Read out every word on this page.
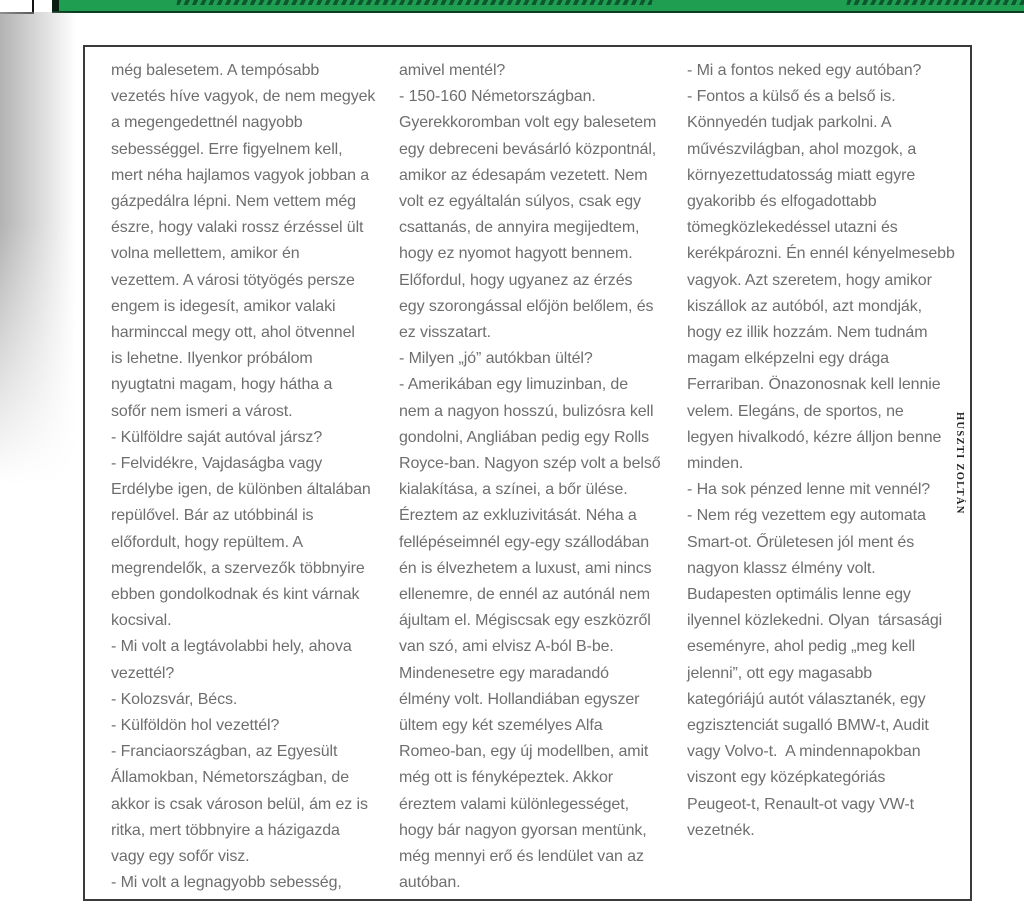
még balesetem. A tempósabb
vezetés híve vagyok, de nem megyek
a megengedettnél nagyobb
sebességgel. Erre figyelnem kell,
mert néha hajlamos vagyok jobban a
gázpedálra lépni. Nem vettem még
észre, hogy valaki rossz érzéssel ült
volna mellettem, amikor én
vezettem. A városi tötyögés persze
engem is idegesít, amikor valaki
harminccal megy ott, ahol ötvennel
is lehetne. Ilyenkor próbálom
nyugtatni magam, hogy hátha a
sofőr nem ismeri a várost.
- Külföldre saját autóval jársz?
- Felvidékre, Vajdaságba vagy
Erdélybe igen, de különben általában
repülővel. Bár az utóbbinál is
előfordult, hogy repültem. A
megrendelők, a szervezők többnyire
ebben gondolkodnak és kint várnak
kocsival.
- Mi volt a legtávolabbi hely, ahova
vezettél?
- Kolozsvár, Bécs.
- Külföldön hol vezettél?
- Franciaországban, az Egyesült
Államokban, Németországban, de
akkor is csak városon belül, ám ez is
ritka, mert többnyire a házigazda
vagy egy sofőr visz.
- Mi volt a legnagyobb sebesség,
amivel mentél?
- 150-160 Németországban.
Gyerekkoromban volt egy balesetem
egy debreceni bevásárló központnál,
amikor az édesapám vezetett. Nem
volt ez egyáltalán súlyos, csak egy
csattanás, de annyira megijedtem,
hogy ez nyomot hagyott bennem.
Előfordul, hogy ugyanez az érzés
egy szorongással előjön belőlem, és
ez visszatart.
- Milyen „jó” autókban ültél?
- Amerikában egy limuzinban, de
nem a nagyon hosszú, bulizósra kell
gondolni, Angliában pedig egy Rolls
Royce-ban. Nagyon szép volt a belső
kialakítása, a színei, a bőr ülése.
Éreztem az exkluzivitását. Néha a
fellépéseimnél egy-egy szállodában
én is élvezhetem a luxust, ami nincs
ellenemre, de ennél az autónál nem
ájultam el. Mégiscsak egy eszközről
van szó, ami elvisz A-ból B-be.
Mindenesetre egy maradandó
élmény volt. Hollandiában egyszer
ültem egy két személyes Alfa
Romeo-ban, egy új modellben, amit
még ott is fényképeztek. Akkor
éreztem valami különlegességet,
hogy bár nagyon gyorsan mentünk,
még mennyi erő és lendület van az
autóban.
- Mi a fontos neked egy autóban?
- Fontos a külső és a belső is.
Könnyedén tudjak parkolni. A
művészvilágban, ahol mozgok, a
környezettudatosság miatt egyre
gyakoribb és elfogadottabb
tömegközlekedéssel utazni és
kerékpározni. Én ennél kényelmesebb
vagyok. Azt szeretem, hogy amikor
kiszállok az autóból, azt mondják,
hogy ez illik hozzám. Nem tudnám
magam elképzelni egy drága
Ferrariban. Önazonosnak kell lennie
velem. Elegáns, de sportos, ne
legyen hivalkodó, kézre álljon benne
minden.
- Ha sok pénzed lenne mit vennél?
- Nem rég vezettem egy automata
Smart-ot. Őrületesen jól ment és
nagyon klassz élmény volt.
Budapesten optimális lenne egy
ilyennel közlekedni. Olyan  társasági
eseményre, ahol pedig „meg kell
jelenni”, ott egy magasabb
kategóriájú autót választanék, egy
egzisztenciát sugalló BMW-t, Audit
vagy Volvo-t.  A mindennapokban
viszont egy középkategóriás
Peugeot-t, Renault-ot vagy VW-t
vezetnék.
HUSZTI ZOLTÁN
